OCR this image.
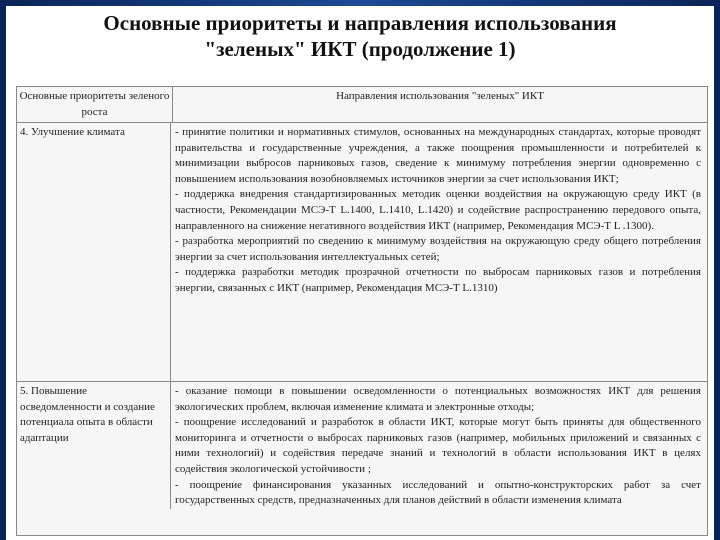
Основные приоритеты и направления использования
"зеленых" ИКТ (продолжение 1)
Основные приоритеты зеленого роста
Направления использования "зеленых" ИКТ
4. Улучшение климата	- принятие политики и нормативных стимулов, основанных на международных стандартах, которые проводят правительства и государственные учреждения, а также поощрения промышленности и потребителей к минимизации выбросов парниковых газов, сведение к минимуму потребления энергии одновременно с повышением использования возобновляемых источников энергии за счет использования ИКТ;

- поддержка внедрения стандартизированных методик оценки воздействия на окружающую среду ИКТ (в частности, Рекомендации МСЭ-Т L.1400, L.1410, L.1420) и содействие распространению передового опыта, направленного на снижение негативного воздействия ИКТ (например, Рекомендация МСЭ-Т L .1300).

- разработка мероприятий по сведению к минимуму воздействия на окружающую среду общего потребления энергии за счет использования интеллектуальных сетей;

- поддержка разработки методик прозрачной отчетности по выбросам парниковых газов и потребления энергии, связанных с ИКТ (например, Рекомендация МСЭ-Т L.1310)

5. Повышение осведомленности и создание потенциала опыта в области адаптации

- оказание помощи в повышении осведомленности о потенциальных возможностях ИКТ для решения экологических проблем, включая изменение климата и электронные отходы;

- поощрение исследований и разработок в области ИКТ, которые могут быть приняты для общественного мониторинга и отчетности о выбросах парниковых газов (например, мобильных приложений и связанных с ними технологий) и содействия передаче знаний и технологий в области использования ИКТ в целях содействия экологической устойчивости ;

- поощрение финансирования указанных исследований и опытно-конструкторских работ за счет государственных средств, предназначенных для планов действий в области изменения климата
